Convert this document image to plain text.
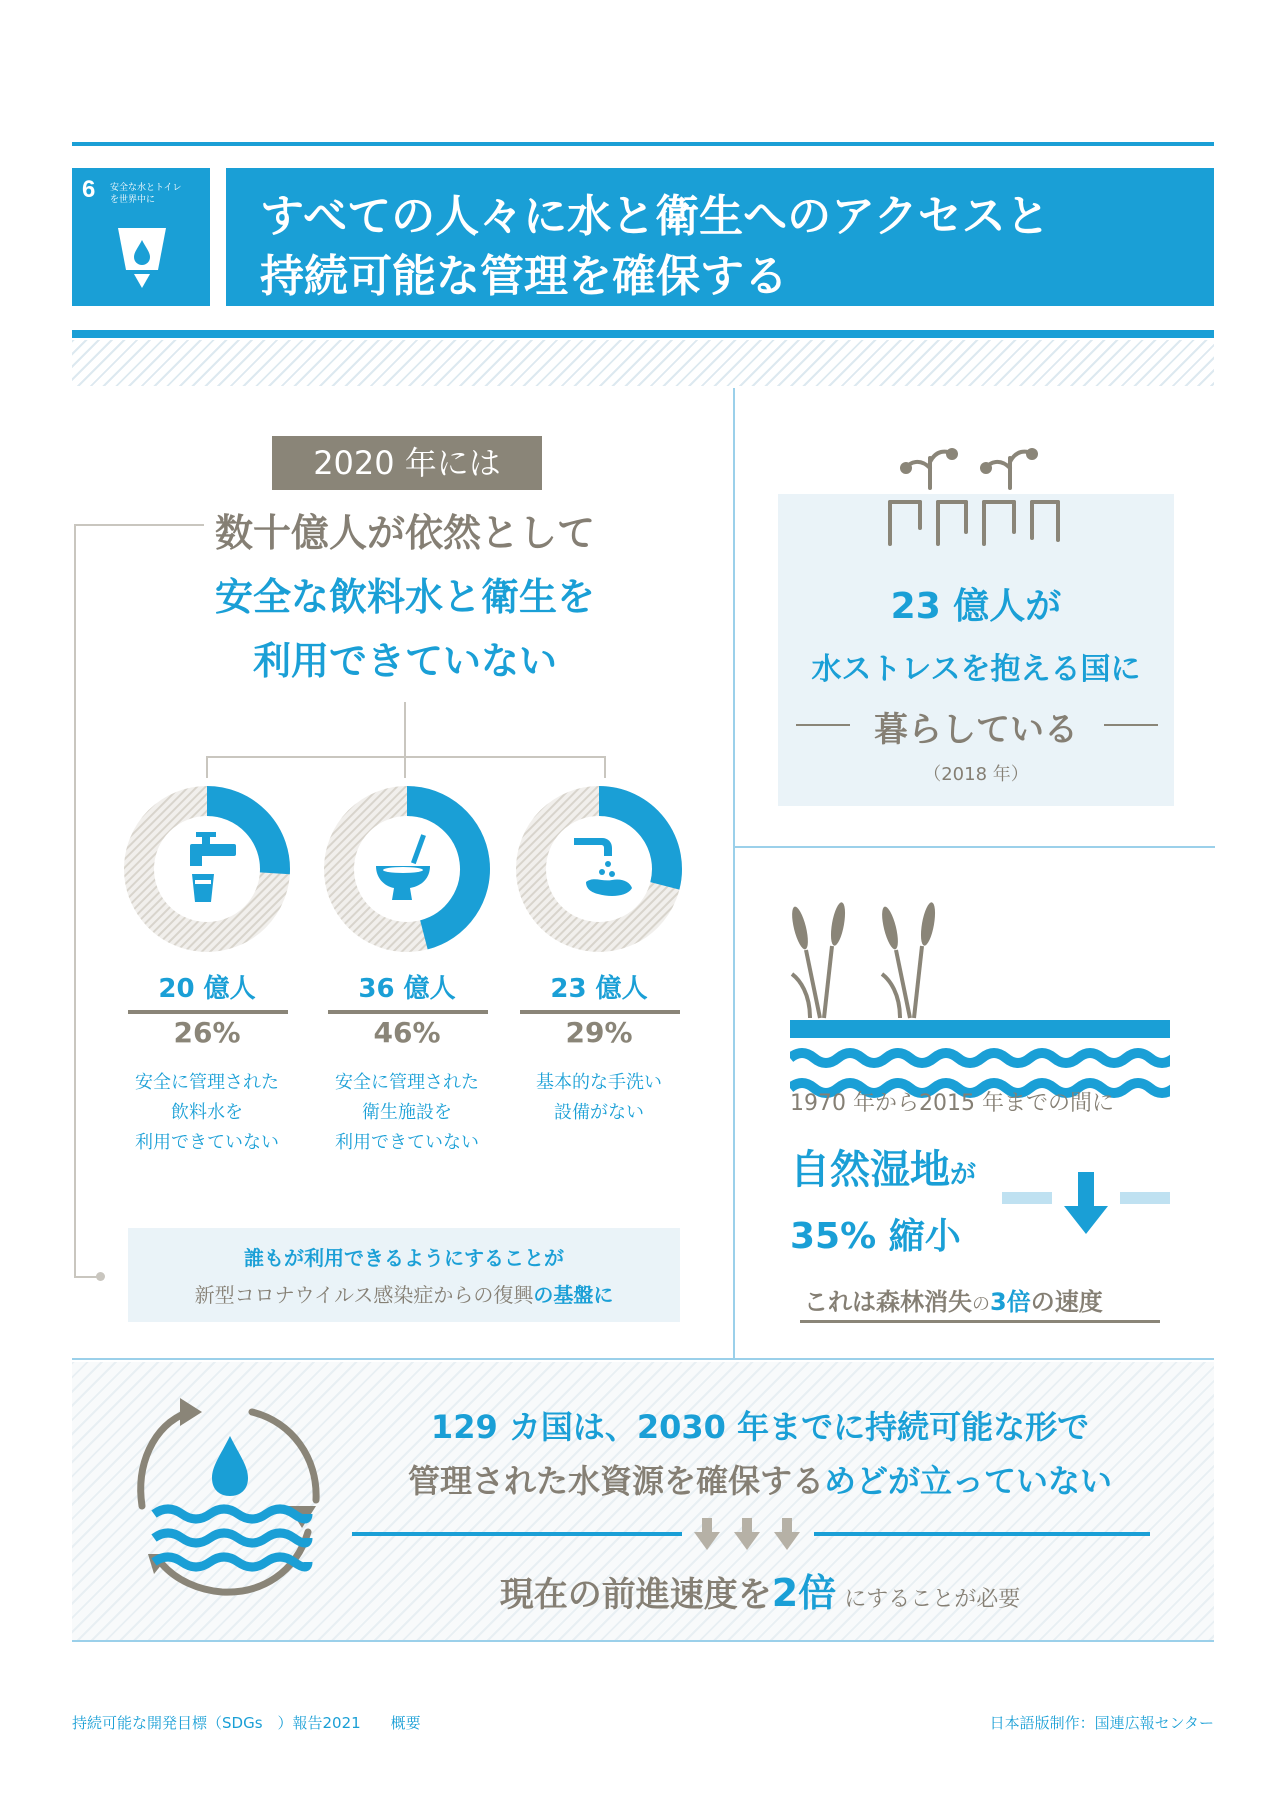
6 安全な水とトイレ
を世界中に すべての人々に水と衛生へのアクセスと
持続可能な管理を確保する
2020 年には
数十億人が依然として
安全な飲料水と衛生を
利用できていない
20 億人
26%
安全に管理された
飲料水を
利用できていない
36 億人
46%
安全に管理された
衛生施設を
利用できていない
23 億人
29%
基本的な手洗い
設備がない
誰もが利用できるようにすることが
新型コロナウイルス感染症からの復興の基盤に
23 億人が
水ストレスを抱える国に
暮らしている
（2018 年）
1970 年から2015 年までの間に
自然湿地が
35% 縮小
これは森林消失の3倍の速度
129 カ国は、2030 年までに持続可能な形で
管理された水資源を確保するめどが立っていない
現在の前進速度を2倍 にすることが必要
持続可能な開発目標（SDGs　）報告2021　　概要	日本語版制作：国連広報センター
